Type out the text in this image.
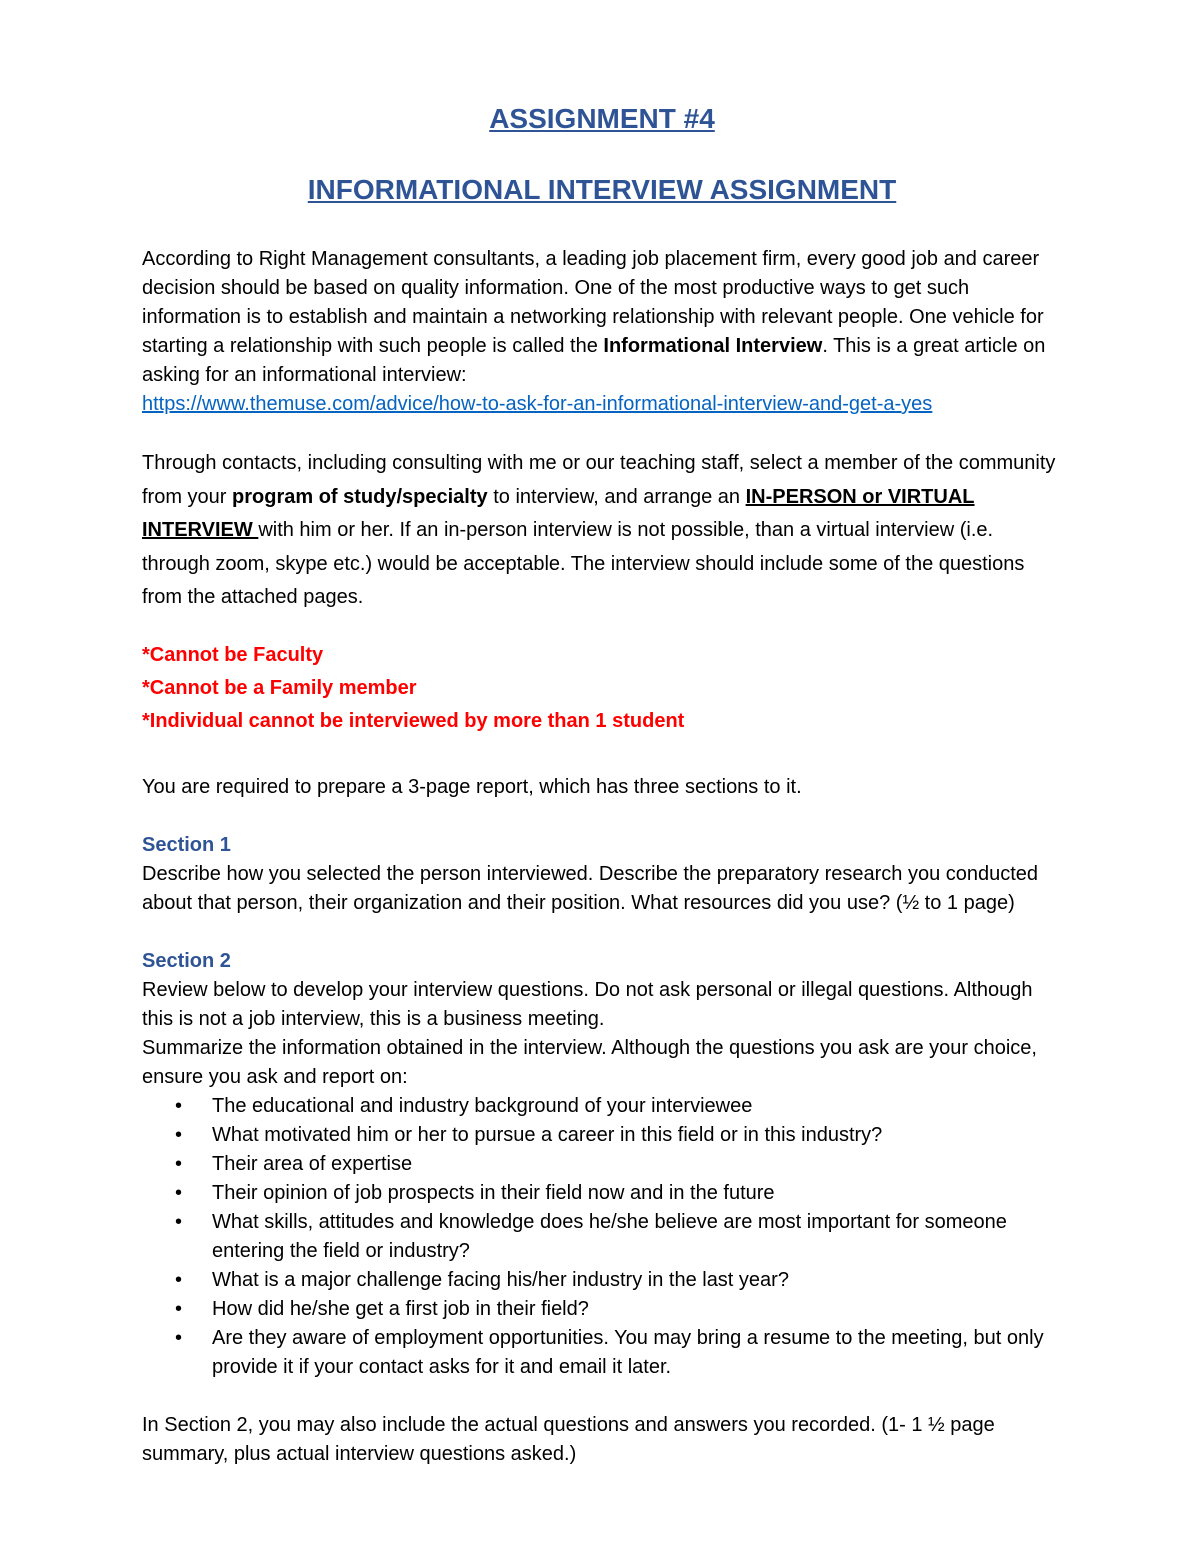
ASSIGNMENT #4
INFORMATIONAL INTERVIEW ASSIGNMENT

According to Right Management consultants, a leading job placement firm, every good job and career decision should be based on quality information. One of the most productive ways to get such information is to establish and maintain a networking relationship with relevant people. One vehicle for starting a relationship with such people is called the Informational Interview. This is a great article on asking for an informational interview:
https://www.themuse.com/advice/how-to-ask-for-an-informational-interview-and-get-a-yes

Through contacts, including consulting with me or our teaching staff, select a member of the community from your program of study/specialty to interview, and arrange an IN-PERSON or VIRTUAL INTERVIEW with him or her. If an in-person interview is not possible, than a virtual interview (i.e. through zoom, skype etc.) would be acceptable. The interview should include some of the questions from the attached pages.

*Cannot be Faculty

*Cannot be a Family member

*Individual cannot be interviewed by more than 1 student

You are required to prepare a 3-page report, which has three sections to it.

Section 1

Describe how you selected the person interviewed. Describe the preparatory research you conducted about that person, their organization and their position. What resources did you use? (½ to 1 page)

Section 2

Review below to develop your interview questions. Do not ask personal or illegal questions. Although this is not a job interview, this is a business meeting.

Summarize the information obtained in the interview. Although the questions you ask are your choice, ensure you ask and report on:

• The educational and industry background of your interviewee
• What motivated him or her to pursue a career in this field or in this industry?
• Their area of expertise
• Their opinion of job prospects in their field now and in the future
• What skills, attitudes and knowledge does he/she believe are most important for someone entering the field or industry?
• What is a major challenge facing his/her industry in the last year?
• How did he/she get a first job in their field?
• Are they aware of employment opportunities. You may bring a resume to the meeting, but only provide it if your contact asks for it and email it later.

In Section 2, you may also include the actual questions and answers you recorded. (1- 1 ½ page summary, plus actual interview questions asked.)
